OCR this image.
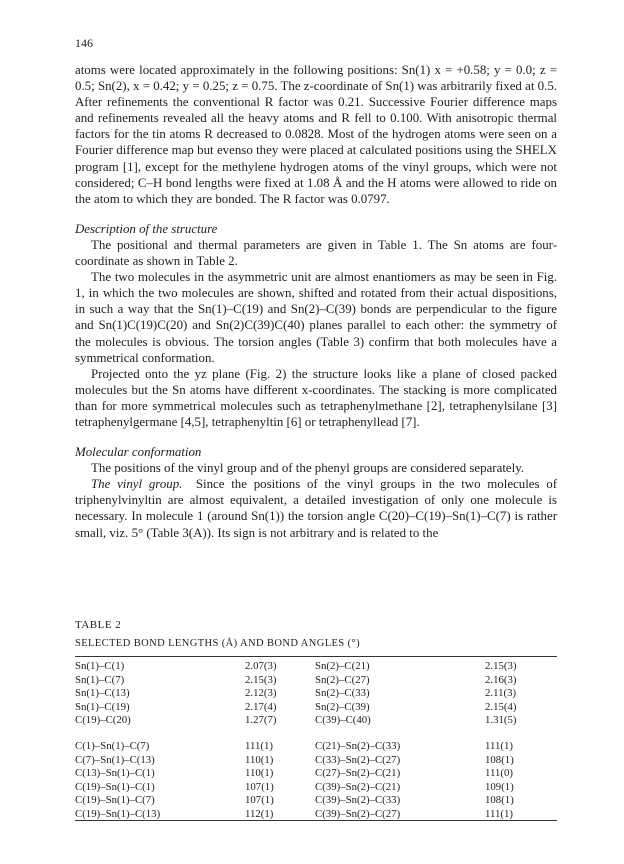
146

atoms were located approximately in the following positions: Sn(1) x = +0.58; y = 0.0; z = 0.5; Sn(2), x = 0.42; y = 0.25; z = 0.75. The z-coordinate of Sn(1) was arbitrarily fixed at 0.5. After refinements the conventional R factor was 0.21. Successive Fourier difference maps and refinements revealed all the heavy atoms and R fell to 0.100. With anisotropic thermal factors for the tin atoms R decreased to 0.0828. Most of the hydrogen atoms were seen on a Fourier difference map but evenso they were placed at calculated positions using the SHELX program [1], except for the methylene hydrogen atoms of the vinyl groups, which were not considered; C–H bond lengths were fixed at 1.08 Å and the H atoms were allowed to ride on the atom to which they are bonded. The R factor was 0.0797.

Description of the structure

The positional and thermal parameters are given in Table 1. The Sn atoms are four-coordinate as shown in Table 2.

The two molecules in the asymmetric unit are almost enantiomers as may be seen in Fig. 1, in which the two molecules are shown, shifted and rotated from their actual dispositions, in such a way that the Sn(1)–C(19) and Sn(2)–C(39) bonds are perpendicular to the figure and Sn(1)C(19)C(20) and Sn(2)C(39)C(40) planes parallel to each other: the symmetry of the molecules is obvious. The torsion angles (Table 3) confirm that both molecules have a symmetrical conformation.

Projected onto the yz plane (Fig. 2) the structure looks like a plane of closed packed molecules but the Sn atoms have different x-coordinates. The stacking is more complicated than for more symmetrical molecules such as tetraphenylmethane [2], tetraphenylsilane [3] tetraphenylgermane [4,5], tetraphenyltin [6] or tetraphenyllead [7].

Molecular conformation

The positions of the vinyl group and of the phenyl groups are considered separately.

The vinyl group. Since the positions of the vinyl groups in the two molecules of triphenylvinyltin are almost equivalent, a detailed investigation of only one molecule is necessary. In molecule 1 (around Sn(1)) the torsion angle C(20)–C(19)–Sn(1)–C(7) is rather small, viz. 5° (Table 3(A)). Its sign is not arbitrary and is related to the

TABLE 2
SELECTED BOND LENGTHS (Å) AND BOND ANGLES (°)
Sn(1)–C(1)	2.07(3)	Sn(2)–C(21)	2.15(3)
Sn(1)–C(7)	2.15(3)	Sn(2)–C(27)	2.16(3)
Sn(1)–C(13)	2.12(3)	Sn(2)–C(33)	2.11(3)
Sn(1)–C(19)	2.17(4)	Sn(2)–C(39)	2.15(4)
C(19)–C(20)	1.27(7)	C(39)–C(40)	1.31(5)
C(1)–Sn(1)–C(7)	111(1)	C(21)–Sn(2)–C(33)	111(1)
C(7)–Sn(1)–C(13)	110(1)	C(33)–Sn(2)–C(27)	108(1)
C(13)–Sn(1)–C(1)	110(1)	C(27)–Sn(2)–C(21)	111(0)
C(19)–Sn(1)–C(1)	107(1)	C(39)–Sn(2)–C(21)	109(1)
C(19)–Sn(1)–C(7)	107(1)	C(39)–Sn(2)–C(33)	108(1)
C(19)–Sn(1)–C(13)	112(1)	C(39)–Sn(2)–C(27)	111(1)
